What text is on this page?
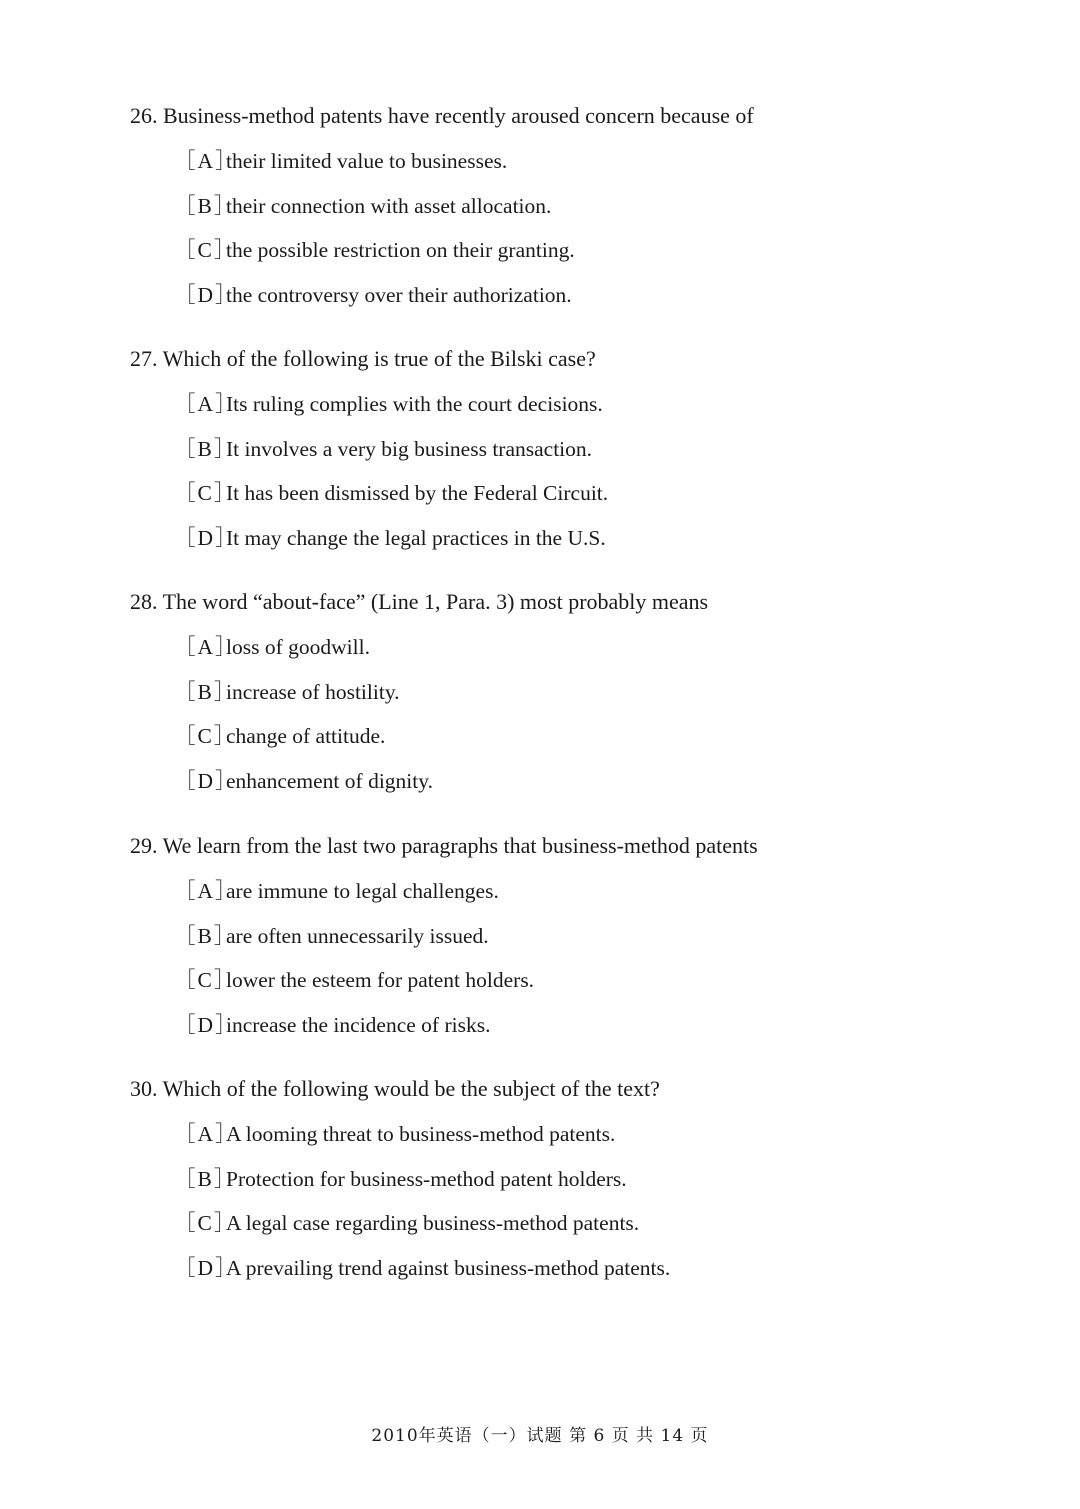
26. Business-method patents have recently aroused concern because of
［A］their limited value to businesses.
［B］their connection with asset allocation.
［C］the possible restriction on their granting.
［D］the controversy over their authorization.
27. Which of the following is true of the Bilski case?
［A］Its ruling complies with the court decisions.
［B］It involves a very big business transaction.
［C］It has been dismissed by the Federal Circuit.
［D］It may change the legal practices in the U.S.
28. The word “about-face” (Line 1, Para. 3) most probably means
［A］loss of goodwill.
［B］increase of hostility.
［C］change of attitude.
［D］enhancement of dignity.
29. We learn from the last two paragraphs that business-method patents
［A］are immune to legal challenges.
［B］are often unnecessarily issued.
［C］lower the esteem for patent holders.
［D］increase the incidence of risks.
30. Which of the following would be the subject of the text?
［A］A looming threat to business-method patents.
［B］Protection for business-method patent holders.
［C］A legal case regarding business-method patents.
［D］A prevailing trend against business-method patents.
2010年英语（一）试题 第 6 页 共 14 页
